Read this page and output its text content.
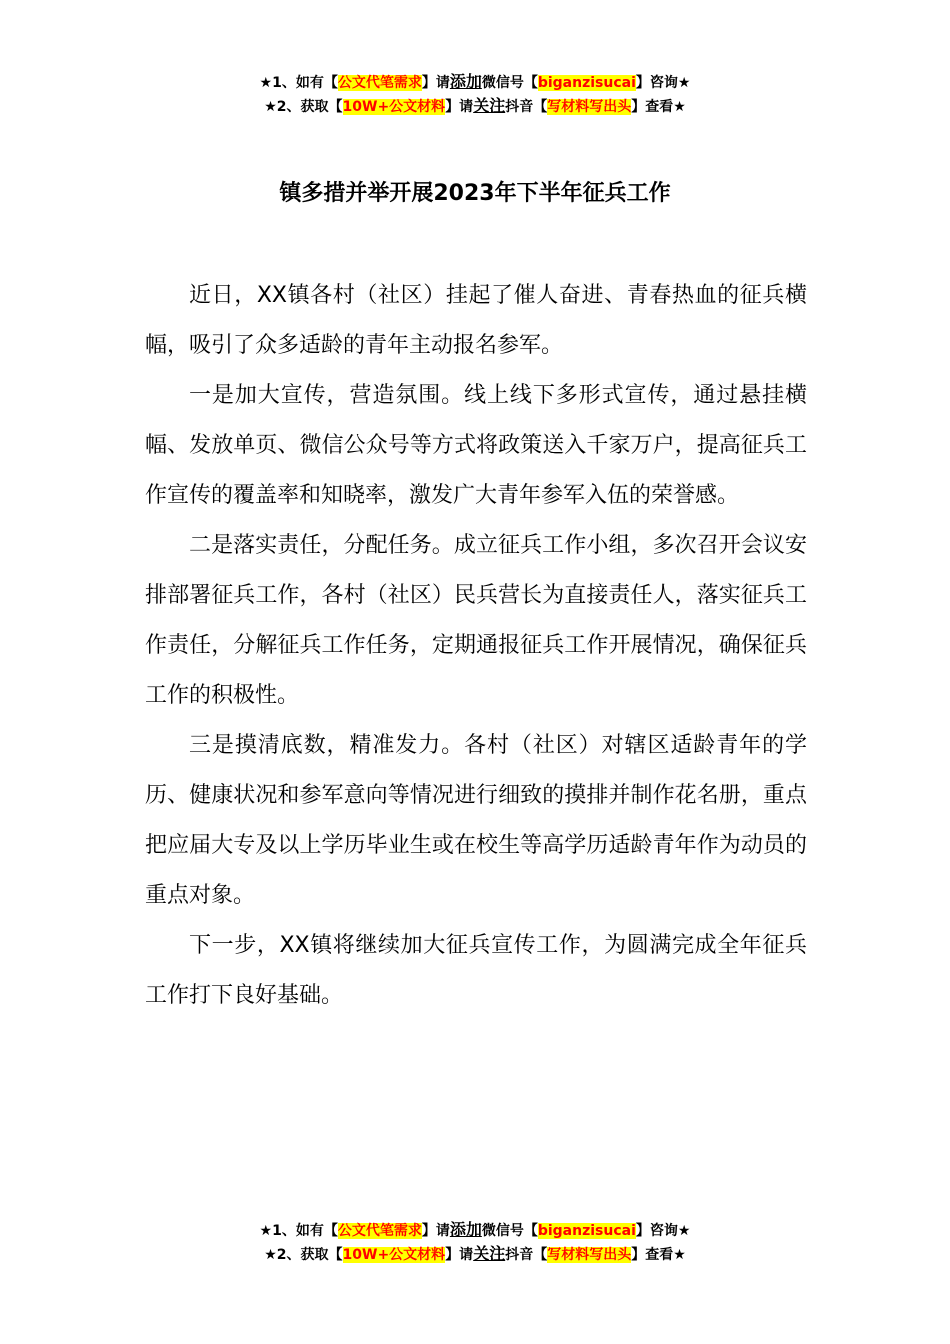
★1、如有【公文代笔需求】请添加微信号【biganzisucai】咨询★
★2、获取【10W+公文材料】请关注抖音【写材料写出头】查看★
镇多措并举开展2023年下半年征兵工作

近日，XX镇各村（社区）挂起了催人奋进、青春热血的征兵横幅，吸引了众多适龄的青年主动报名参军。

一是加大宣传，营造氛围。线上线下多形式宣传，通过悬挂横幅、发放单页、微信公众号等方式将政策送入千家万户，提高征兵工作宣传的覆盖率和知晓率，激发广大青年参军入伍的荣誉感。

二是落实责任，分配任务。成立征兵工作小组，多次召开会议安排部署征兵工作，各村（社区）民兵营长为直接责任人，落实征兵工作责任，分解征兵工作任务，定期通报征兵工作开展情况，确保征兵工作的积极性。

三是摸清底数，精准发力。各村（社区）对辖区适龄青年的学历、健康状况和参军意向等情况进行细致的摸排并制作花名册，重点把应届大专及以上学历毕业生或在校生等高学历适龄青年作为动员的重点对象。

下一步，XX镇将继续加大征兵宣传工作，为圆满完成全年征兵工作打下良好基础。

★1、如有【公文代笔需求】请添加微信号【biganzisucai】咨询★
★2、获取【10W+公文材料】请关注抖音【写材料写出头】查看★
